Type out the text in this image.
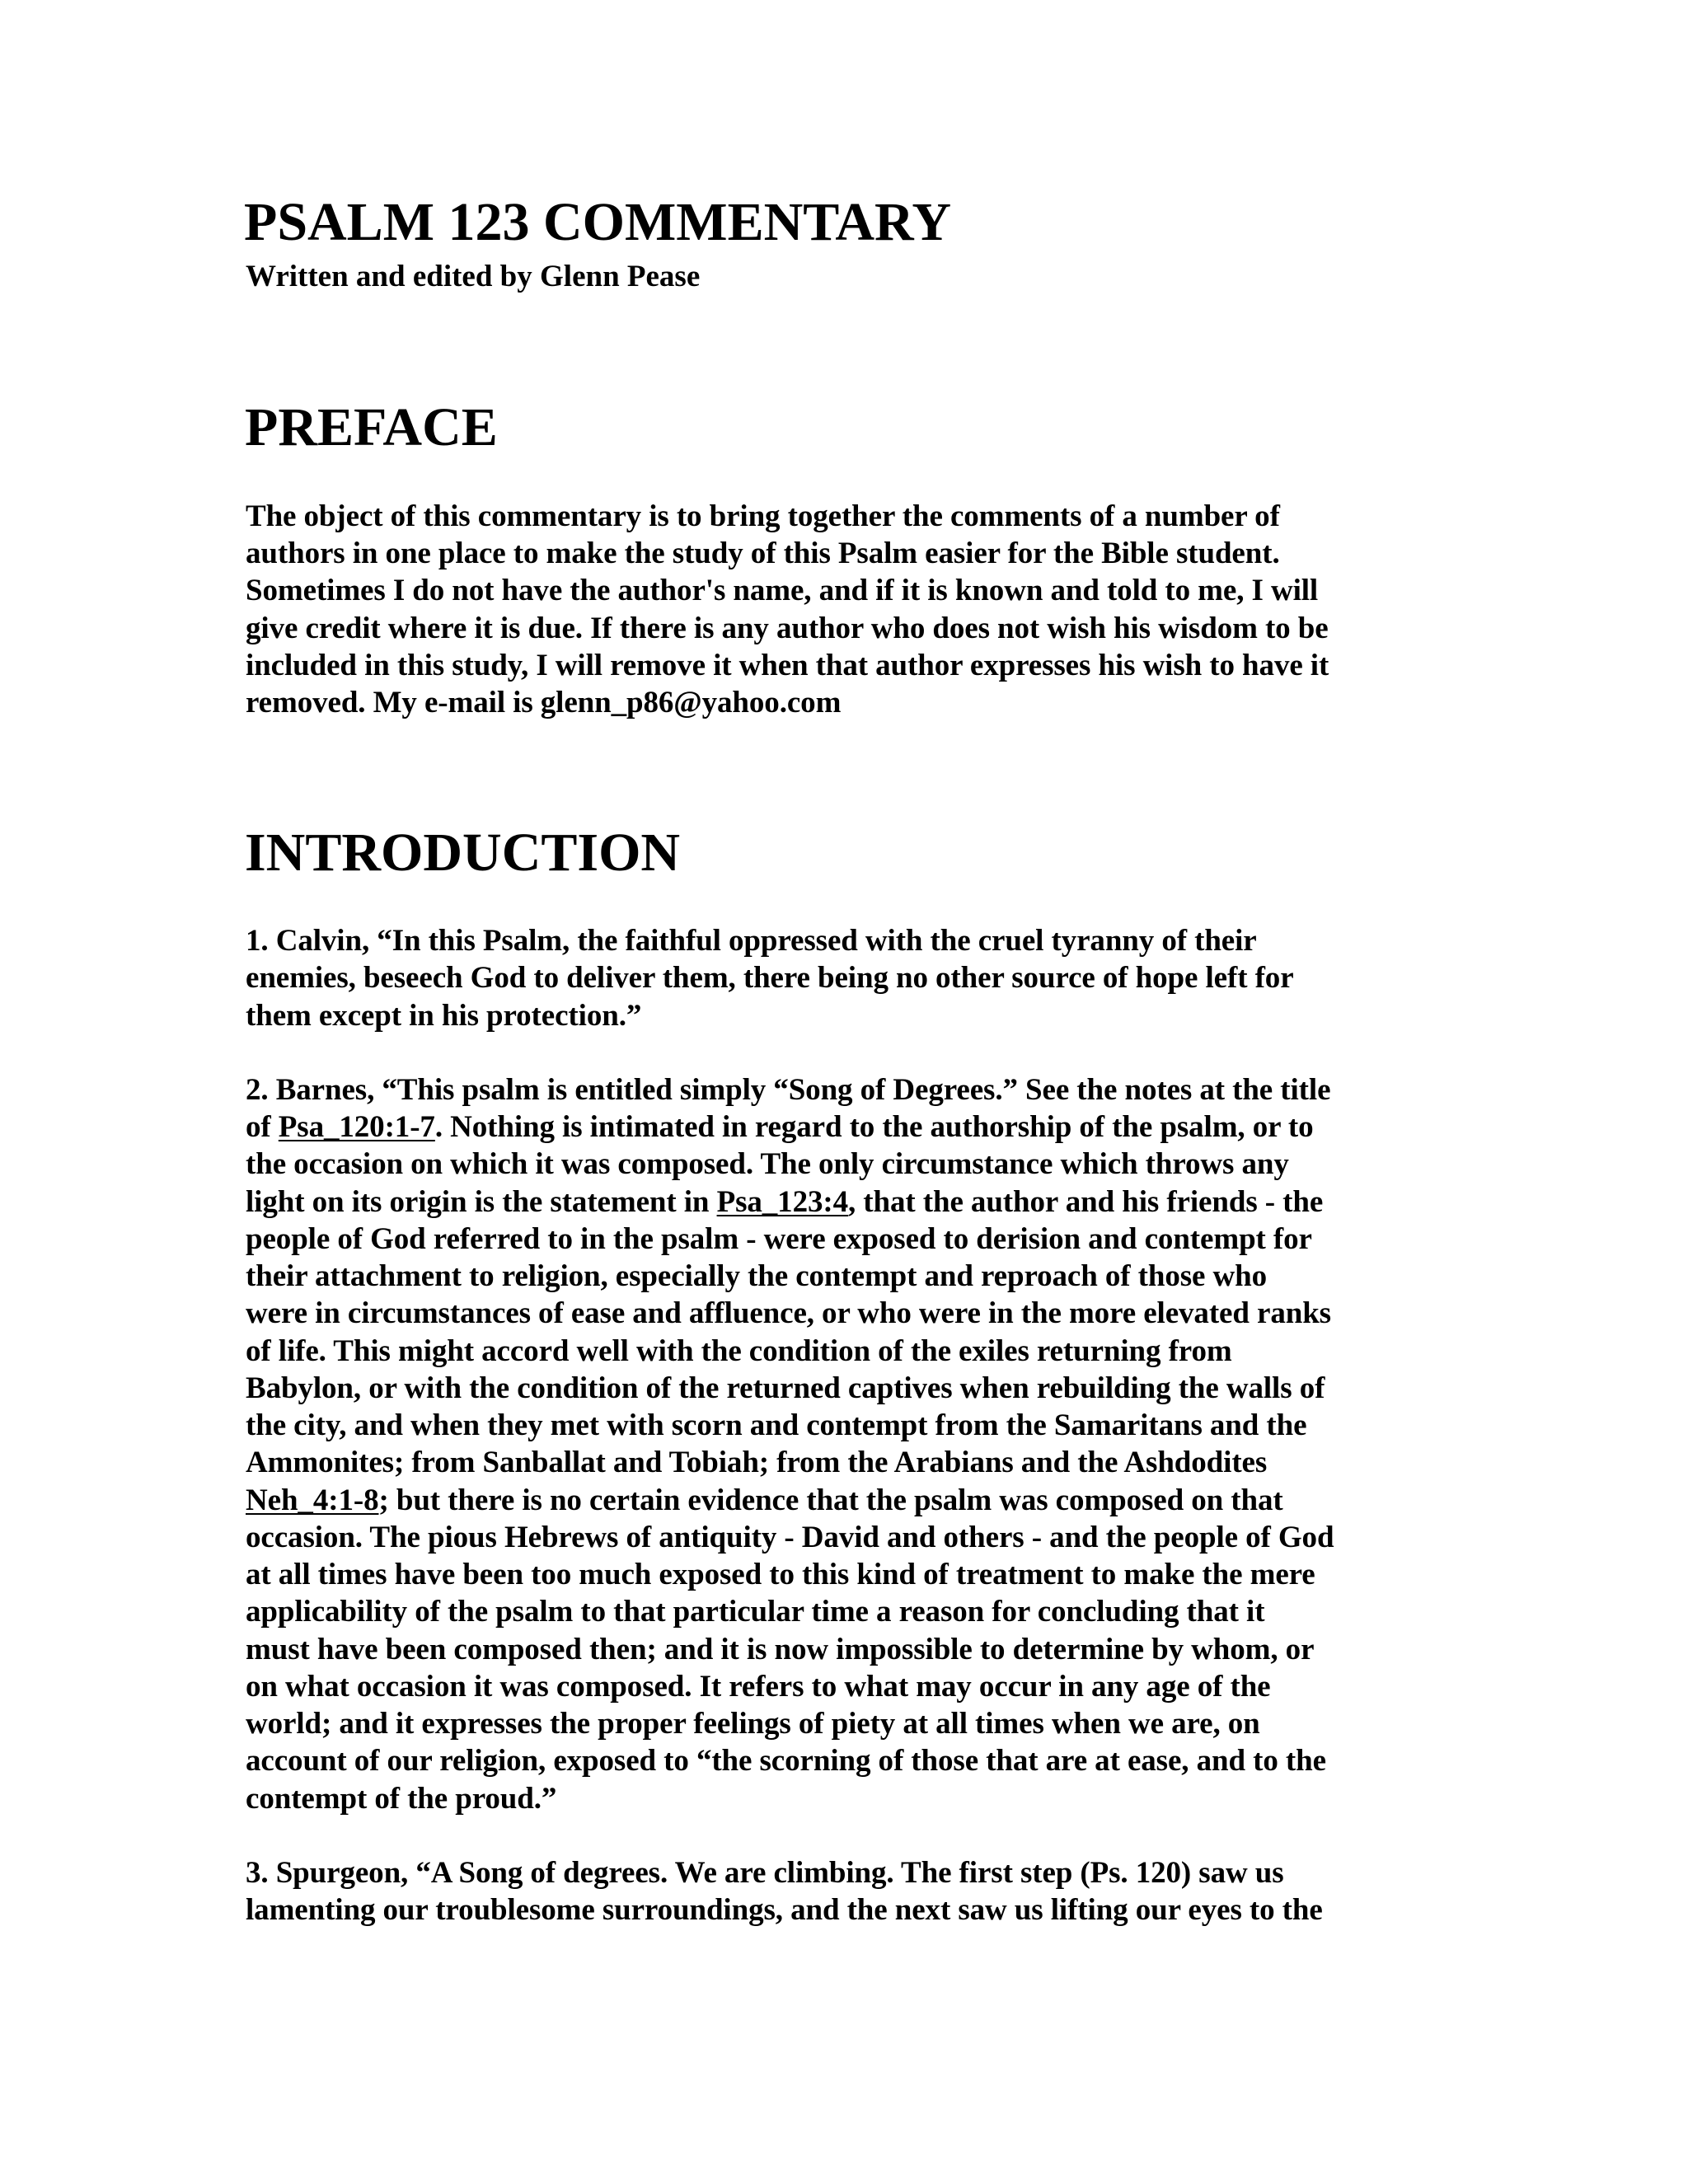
PSALM 123 COMMENTARY
Written and edited by Glenn Pease
PREFACE
The object of this commentary is to bring together the comments of a number of
authors in one place to make the study of this Psalm easier for the Bible student.
Sometimes I do not have the author's name, and if it is known and told to me, I will
give credit where it is due. If there is any author who does not wish his wisdom to be
included in this study, I will remove it when that author expresses his wish to have it
removed. My e-mail is glenn_p86@yahoo.com
INTRODUCTION
1. Calvin, “In this Psalm, the faithful oppressed with the cruel tyranny of their
enemies, beseech God to deliver them, there being no other source of hope left for
them except in his protection.”
2. Barnes, “This psalm is entitled simply “Song of Degrees.” See the notes at the title
of Psa_120:1-7. Nothing is intimated in regard to the authorship of the psalm, or to
the occasion on which it was composed. The only circumstance which throws any
light on its origin is the statement in Psa_123:4, that the author and his friends - the
people of God referred to in the psalm - were exposed to derision and contempt for
their attachment to religion, especially the contempt and reproach of those who
were in circumstances of ease and affluence, or who were in the more elevated ranks
of life. This might accord well with the condition of the exiles returning from
Babylon, or with the condition of the returned captives when rebuilding the walls of
the city, and when they met with scorn and contempt from the Samaritans and the
Ammonites; from Sanballat and Tobiah; from the Arabians and the Ashdodites
Neh_4:1-8; but there is no certain evidence that the psalm was composed on that
occasion. The pious Hebrews of antiquity - David and others - and the people of God
at all times have been too much exposed to this kind of treatment to make the mere
applicability of the psalm to that particular time a reason for concluding that it
must have been composed then; and it is now impossible to determine by whom, or
on what occasion it was composed. It refers to what may occur in any age of the
world; and it expresses the proper feelings of piety at all times when we are, on
account of our religion, exposed to “the scorning of those that are at ease, and to the
contempt of the proud.”
3. Spurgeon, “A Song of degrees. We are climbing. The first step (Ps. 120) saw us
lamenting our troublesome surroundings, and the next saw us lifting our eyes to the
